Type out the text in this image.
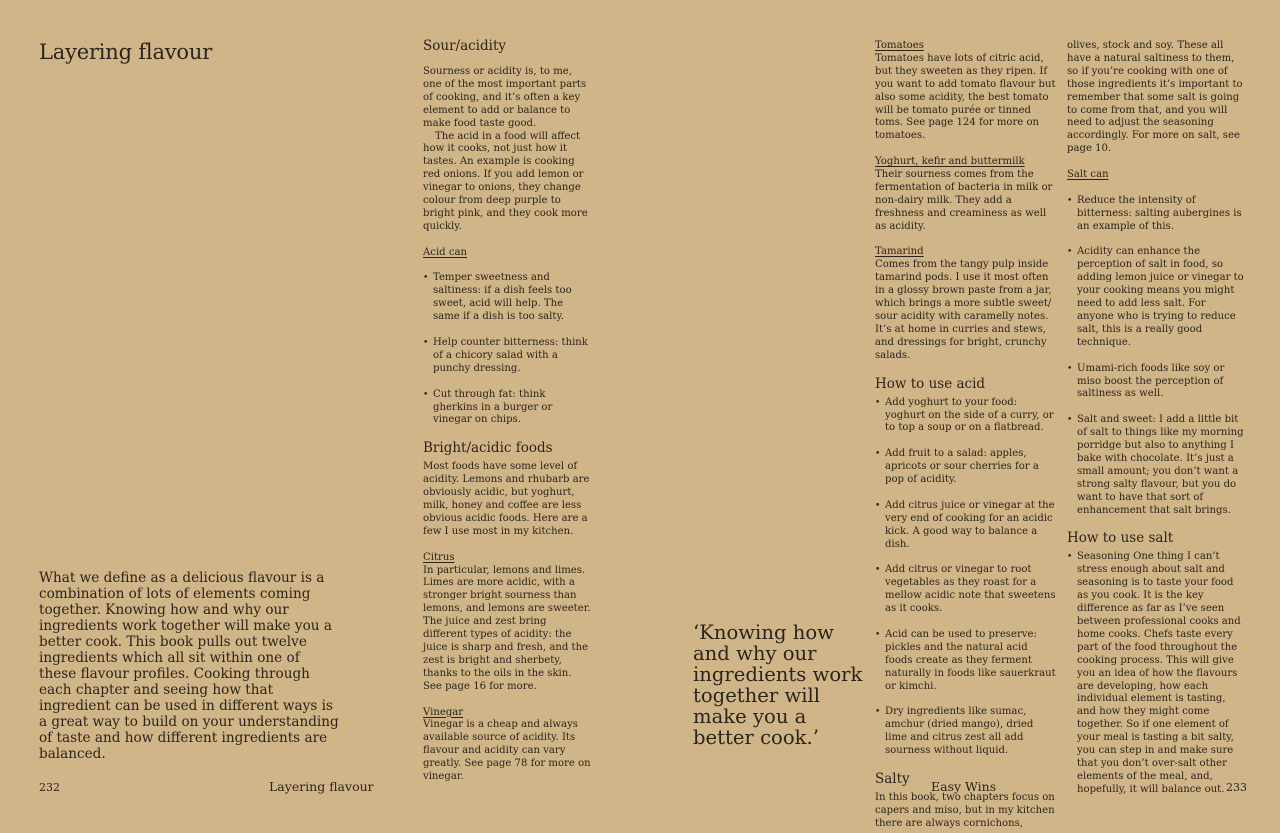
Layering flavour

What we define as a delicious flavour is a combination of lots of elements coming together. Knowing how and why our ingredients work together will make you a better cook. This book pulls out twelve ingredients which all sit within one of these flavour profiles. Cooking through each chapter and seeing how that ingredient can be used in different ways is a great way to build on your understanding of taste and how different ingredients are balanced.

Sour/acidity

Sourness or acidity is, to me, one of the most important parts of cooking, and it’s often a key element to add or balance to make food taste good.

The acid in a food will affect how it cooks, not just how it tastes. An example is cooking red onions. If you add lemon or vinegar to onions, they change colour from deep purple to bright pink, and they cook more quickly.

Acid can
• Temper sweetness and saltiness: if a dish feels too sweet, acid will help. The same if a dish is too salty.
• Help counter bitterness: think of a chicory salad with a punchy dressing.
• Cut through fat: think gherkins in a burger or vinegar on chips.
Bright/acidic foods

Most foods have some level of acidity. Lemons and rhubarb are obviously acidic, but yoghurt, milk, honey and coffee are less obvious acidic foods. Here are a few I use most in my kitchen.

Citrus

In particular, lemons and limes. Limes are more acidic, with a stronger bright sourness than lemons, and lemons are sweeter. The juice and zest bring different types of acidity: the juice is sharp and fresh, and the zest is bright and sherbety, thanks to the oils in the skin. See page 16 for more.

Vinegar

Vinegar is a cheap and always available source of acidity. Its flavour and acidity can vary greatly. See page 78 for more on vinegar.

232	Layering flavour

‘Knowing how and why our ingredients work together will make you a better cook.’

Tomatoes

Tomatoes have lots of citric acid, but they sweeten as they ripen. If you want to add tomato flavour but also some acidity, the best tomato will be tomato purée or tinned toms. See page 124 for more on tomatoes.

Yoghurt, kefir and buttermilk

Their sourness comes from the fermentation of bacteria in milk or non-dairy milk. They add a freshness and creaminess as well as acidity.

Tamarind

Comes from the tangy pulp inside tamarind pods. I use it most often in a glossy brown paste from a jar, which brings a more subtle sweet/ sour acidity with caramelly notes. It’s at home in curries and stews, and dressings for bright, crunchy salads.

How to use acid
• Add yoghurt to your food: yoghurt on the side of a curry, or to top a soup or on a flatbread.
• Add fruit to a salad: apples, apricots or sour cherries for a pop of acidity.
• Add citrus juice or vinegar at the very end of cooking for an acidic kick. A good way to balance a dish.
• Add citrus or vinegar to root vegetables as they roast for a mellow acidic note that sweetens as it cooks.
• Acid can be used to preserve: pickles and the natural acid foods create as they ferment naturally in foods like sauerkraut or kimchi.
• Dry ingredients like sumac, amchur (dried mango), dried lime and citrus zest all add sourness without liquid.
Salty

In this book, two chapters focus on capers and miso, but in my kitchen there are always cornichons,

olives, stock and soy. These all have a natural saltiness to them, so if you’re cooking with one of those ingredients it’s important to remember that some salt is going to come from that, and you will need to adjust the seasoning accordingly. For more on salt, see page 10.

Salt can
• Reduce the intensity of bitterness: salting aubergines is an example of this.
• Acidity can enhance the perception of salt in food, so adding lemon juice or vinegar to your cooking means you might need to add less salt. For anyone who is trying to reduce salt, this is a really good technique.
• Umami-rich foods like soy or miso boost the perception of saltiness as well.
• Salt and sweet: I add a little bit of salt to things like my morning porridge but also to anything I bake with chocolate. It’s just a small amount; you don’t want a strong salty flavour, but you do want to have that sort of enhancement that salt brings.
How to use salt
• Seasoning One thing I can’t stress enough about salt and seasoning is to taste your food as you cook. It is the key difference as far as I’ve seen between professional cooks and home cooks. Chefs taste every part of the food throughout the cooking process. This will give you an idea of how the flavours are developing, how each individual element is tasting, and how they might come together. So if one element of your meal is tasting a bit salty, you can step in and make sure that you don’t over-salt other elements of the meal, and, hopefully, it will balance out.
Easy Wins	233
